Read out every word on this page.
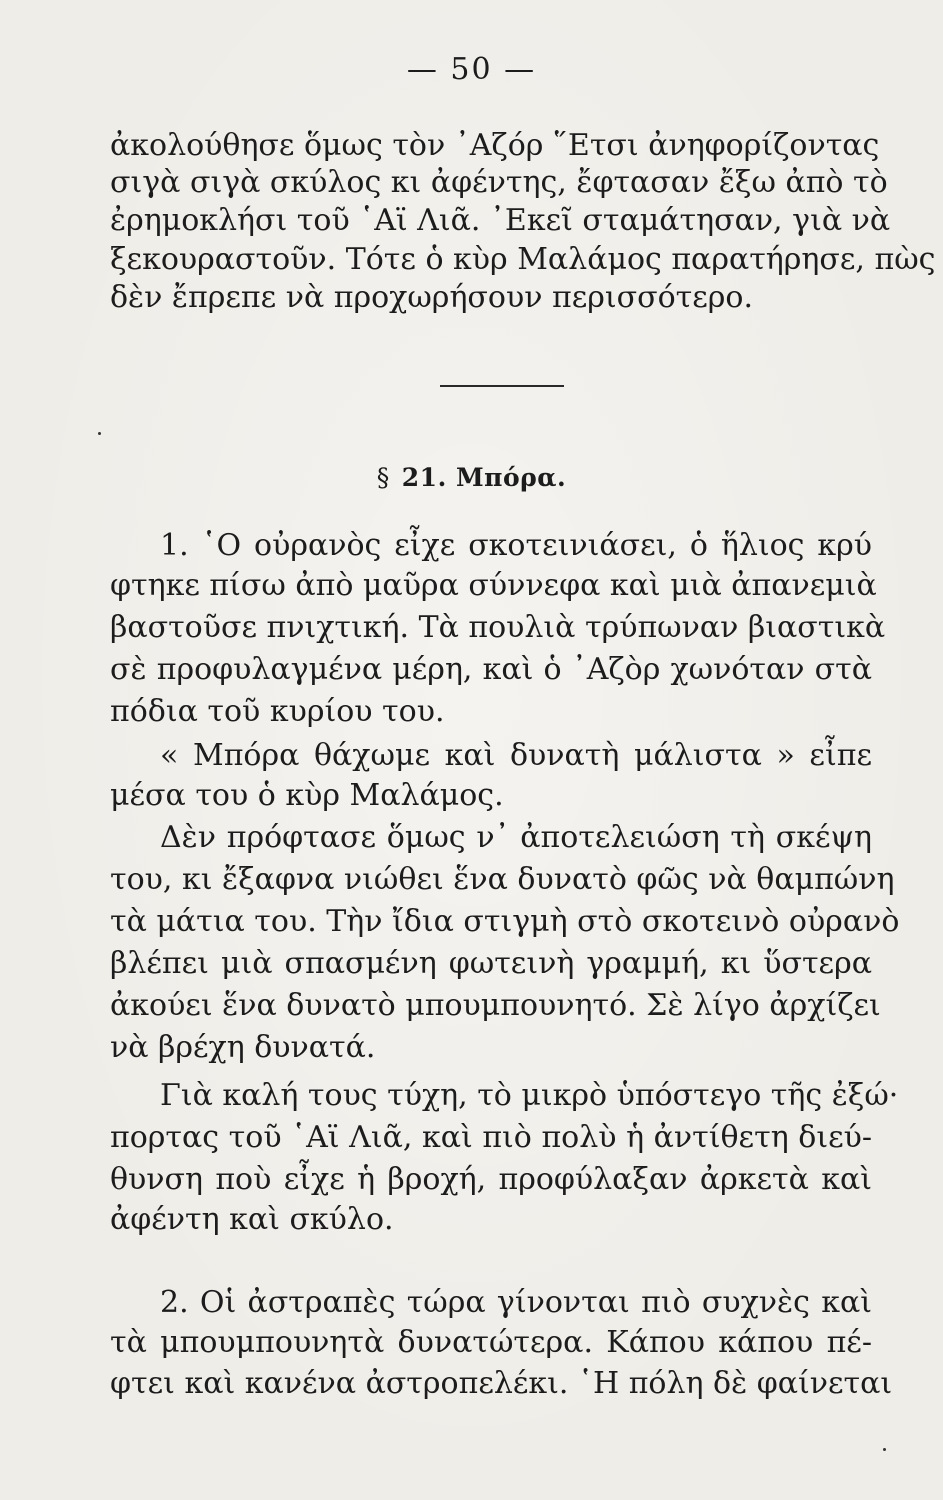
— 50 —
ἀκολούθησε ὅμως τὸν ᾿Αζόρ ῞Ετσι ἀνηφορίζοντας
σιγὰ σιγὰ σκύλος κι ἀφέντης, ἔφτασαν ἔξω ἀπὸ τὸ
ἐρημοκλήσι τοῦ ῾Αϊ Λιᾶ. ᾿Εκεῖ σταμάτησαν, γιὰ νὰ
ξεκουραστοῦν. Τότε ὁ κὺρ Μαλάμος παρατήρησε, πὼς
δὲν ἔπρεπε νὰ προχωρήσουν περισσότερο.
§ 21. Μπόρα.
1. ῾Ο οὐρανὸς εἶχε σκοτεινιάσει, ὁ ἥλιος κρύ
φτηκε πίσω ἀπὸ μαῦρα σύννεφα καὶ μιὰ ἀπανεμιὰ
βαστοῦσε πνιχτική. Τὰ πουλιὰ τρύπωναν βιαστικὰ
σὲ προφυλαγμένα μέρη, καὶ ὁ ᾿Αζὸρ χωνόταν στὰ
πόδια τοῦ κυρίου του.
« Μπόρα θάχωμε καὶ δυνατὴ μάλιστα » εἶπε
μέσα του ὁ κὺρ Μαλάμος.
Δὲν πρόφτασε ὅμως ν᾿ ἀποτελειώση τὴ σκέψη
του, κι ἔξαφνα νιώθει ἕνα δυνατὸ φῶς νὰ θαμπώνη
τὰ μάτια του. Τὴν ἴδια στιγμὴ στὸ σκοτεινὸ οὐρανὸ
βλέπει μιὰ σπασμένη φωτεινὴ γραμμή, κι ὕστερα
ἀκούει ἕνα δυνατὸ μπουμπουνητό. Σὲ λίγο ἀρχίζει
νὰ βρέχη δυνατά.
Γιὰ καλή τους τύχη, τὸ μικρὸ ὑπόστεγο τῆς ἐξώ·
πορτας τοῦ ῾Αϊ Λιᾶ, καὶ πιὸ πολὺ ἡ ἀντίθετη διεύ-
θυνση ποὺ εἶχε ἡ βροχή, προφύλαξαν ἀρκετὰ καὶ
ἀφέντη καὶ σκύλο.
2. Οἱ ἀστραπὲς τώρα γίνονται πιὸ συχνὲς καὶ
τὰ μπουμπουνητὰ δυνατώτερα. Κάπου κάπου πέ-
φτει καὶ κανένα ἀστροπελέκι. ῾Η πόλη δὲ φαίνεται
